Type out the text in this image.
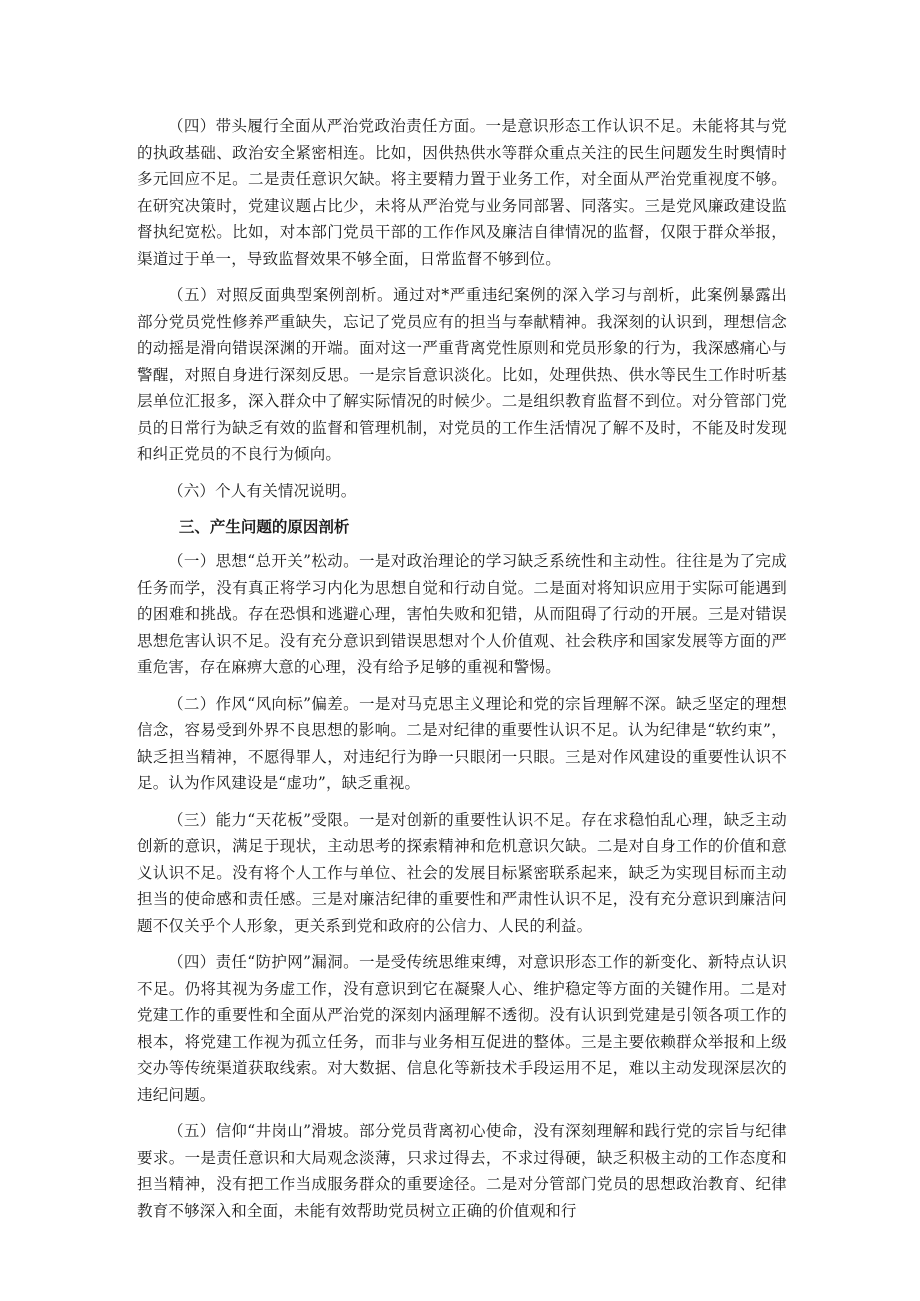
（四）带头履行全面从严治党政治责任方面。一是意识形态工作认识不足。未能将其与党的执政基础、政治安全紧密相连。比如，因供热供水等群众重点关注的民生问题发生时舆情时多元回应不足。二是责任意识欠缺。将主要精力置于业务工作，对全面从严治党重视度不够。在研究决策时，党建议题占比少，未将从严治党与业务同部署、同落实。三是党风廉政建设监督执纪宽松。比如，对本部门党员干部的工作作风及廉洁自律情况的监督，仅限于群众举报，渠道过于单一，导致监督效果不够全面，日常监督不够到位。

（五）对照反面典型案例剖析。通过对*严重违纪案例的深入学习与剖析，此案例暴露出部分党员党性修养严重缺失，忘记了党员应有的担当与奉献精神。我深刻的认识到，理想信念的动摇是滑向错误深渊的开端。面对这一严重背离党性原则和党员形象的行为，我深感痛心与警醒，对照自身进行深刻反思。一是宗旨意识淡化。比如，处理供热、供水等民生工作时听基层单位汇报多，深入群众中了解实际情况的时候少。二是组织教育监督不到位。对分管部门党员的日常行为缺乏有效的监督和管理机制，对党员的工作生活情况了解不及时，不能及时发现和纠正党员的不良行为倾向。

（六）个人有关情况说明。

三、产生问题的原因剖析

（一）思想“总开关”松动。一是对政治理论的学习缺乏系统性和主动性。往往是为了完成任务而学，没有真正将学习内化为思想自觉和行动自觉。二是面对将知识应用于实际可能遇到的困难和挑战。存在恐惧和逃避心理，害怕失败和犯错，从而阻碍了行动的开展。三是对错误思想危害认识不足。没有充分意识到错误思想对个人价值观、社会秩序和国家发展等方面的严重危害，存在麻痹大意的心理，没有给予足够的重视和警惕。

（二）作风“风向标”偏差。一是对马克思主义理论和党的宗旨理解不深。缺乏坚定的理想信念，容易受到外界不良思想的影响。二是对纪律的重要性认识不足。认为纪律是“软约束”，缺乏担当精神，不愿得罪人，对违纪行为睁一只眼闭一只眼。三是对作风建设的重要性认识不足。认为作风建设是“虚功”，缺乏重视。

（三）能力“天花板”受限。一是对创新的重要性认识不足。存在求稳怕乱心理，缺乏主动创新的意识，满足于现状，主动思考的探索精神和危机意识欠缺。二是对自身工作的价值和意义认识不足。没有将个人工作与单位、社会的发展目标紧密联系起来，缺乏为实现目标而主动担当的使命感和责任感。三是对廉洁纪律的重要性和严肃性认识不足，没有充分意识到廉洁问题不仅关乎个人形象，更关系到党和政府的公信力、人民的利益。

（四）责任“防护网”漏洞。一是受传统思维束缚，对意识形态工作的新变化、新特点认识不足。仍将其视为务虚工作，没有意识到它在凝聚人心、维护稳定等方面的关键作用。二是对党建工作的重要性和全面从严治党的深刻内涵理解不透彻。没有认识到党建是引领各项工作的根本，将党建工作视为孤立任务，而非与业务相互促进的整体。三是主要依赖群众举报和上级交办等传统渠道获取线索。对大数据、信息化等新技术手段运用不足，难以主动发现深层次的违纪问题。

（五）信仰“井岗山”滑坡。部分党员背离初心使命，没有深刻理解和践行党的宗旨与纪律要求。一是责任意识和大局观念淡薄，只求过得去，不求过得硬，缺乏积极主动的工作态度和担当精神，没有把工作当成服务群众的重要途径。二是对分管部门党员的思想政治教育、纪律教育不够深入和全面，未能有效帮助党员树立正确的价值观和行
